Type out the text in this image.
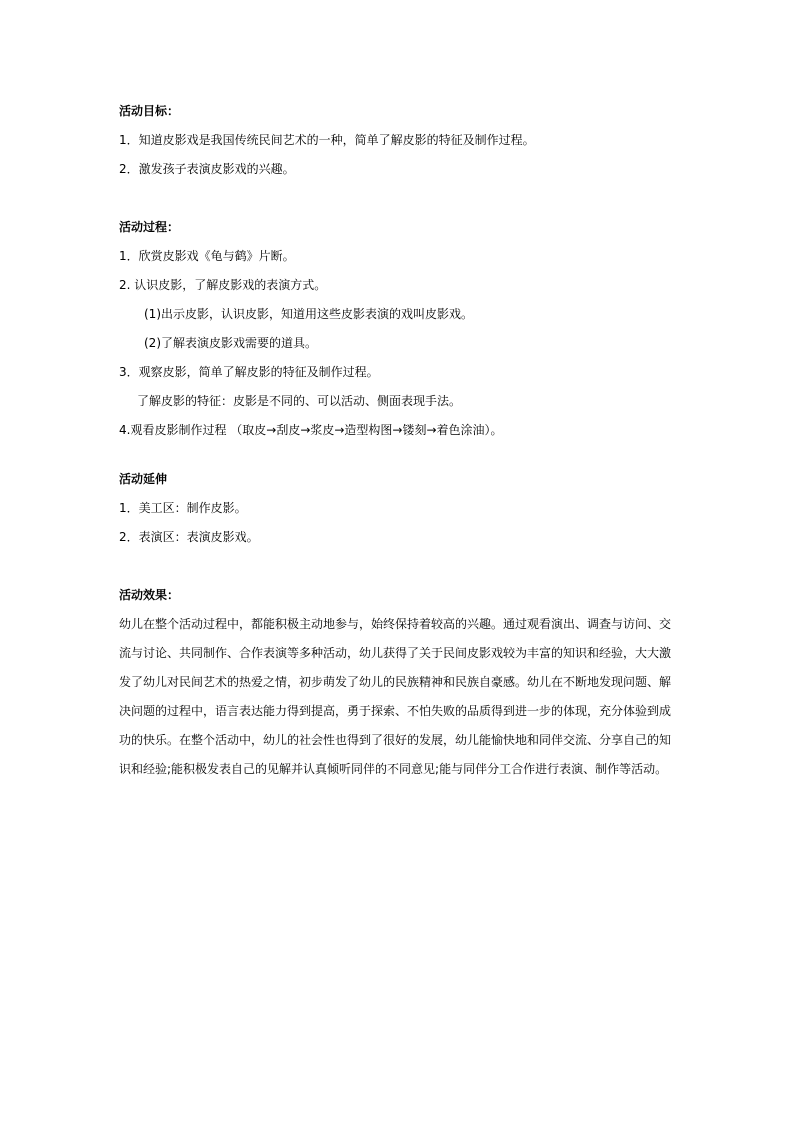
活动目标：
1．知道皮影戏是我国传统民间艺术的一种，简单了解皮影的特征及制作过程。
2．激发孩子表演皮影戏的兴趣。
活动过程：
1．欣赏皮影戏《龟与鹤》片断。
2. 认识皮影，了解皮影戏的表演方式。
(1)出示皮影，认识皮影，知道用这些皮影表演的戏叫皮影戏。
(2)了解表演皮影戏需要的道具。
3．观察皮影，简单了解皮影的特征及制作过程。
了解皮影的特征：皮影是不同的、可以活动、侧面表现手法。
4.观看皮影制作过程 （取皮→刮皮→浆皮→造型构图→镂刻→着色涂油）。
活动延伸
1．美工区：制作皮影。
2．表演区：表演皮影戏。
活动效果：
幼儿在整个活动过程中，都能积极主动地参与，始终保持着较高的兴趣。通过观看演出、调查与访问、交
流与讨论、共同制作、合作表演等多种活动，幼儿获得了关于民间皮影戏较为丰富的知识和经验，大大激
发了幼儿对民间艺术的热爱之情，初步萌发了幼儿的民族精神和民族自豪感。幼儿在不断地发现问题、解
决问题的过程中，语言表达能力得到提高，勇于探索、不怕失败的品质得到进一步的体现，充分体验到成
功的快乐。在整个活动中，幼儿的社会性也得到了很好的发展，幼儿能愉快地和同伴交流、分享自己的知
识和经验;能积极发表自己的见解并认真倾听同伴的不同意见;能与同伴分工合作进行表演、制作等活动。
